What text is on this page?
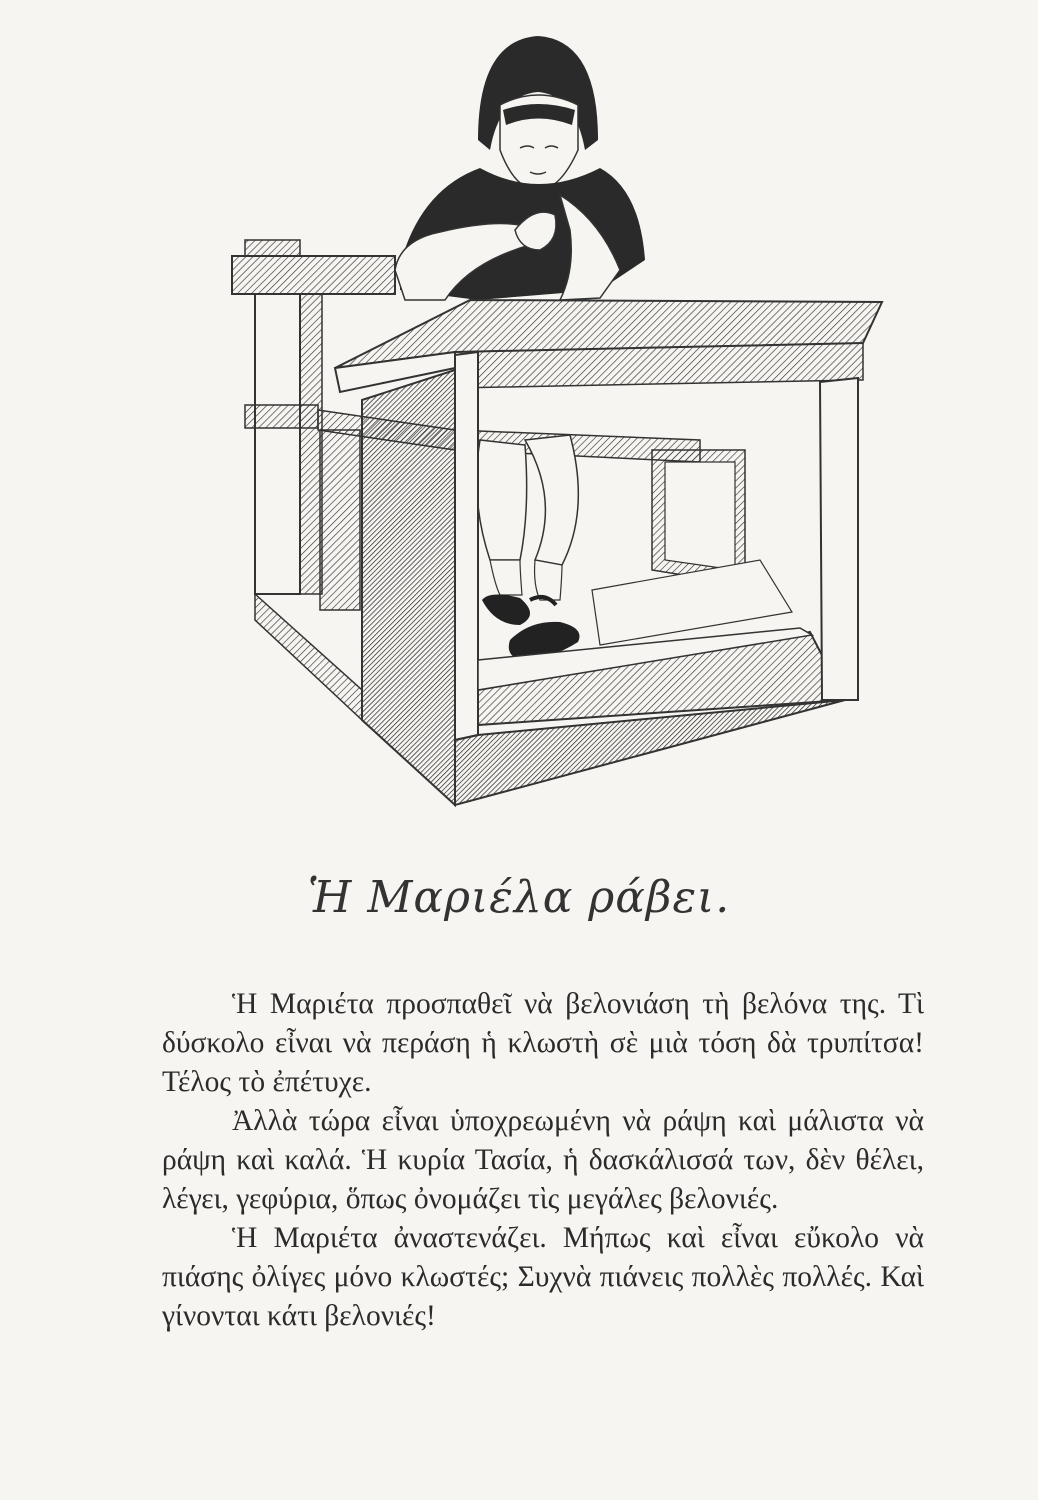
Ἡ Μαριέλα ράβει.

Ἡ Μαριέτα προσπαθεῖ νὰ βελονιάση τὴ βελόνα της. Τὶ δύσκολο εἶναι νὰ περάση ἡ κλωστὴ σὲ μιὰ τόση δὰ τρυπίτσα! Τέλος τὸ ἐπέτυχε.

Ἀλλὰ τώρα εἶναι ὑποχρεωμένη νὰ ράψη καὶ μάλιστα νὰ ράψη καὶ καλά. Ἡ κυρία Τασία, ἡ δασκάλισσά των, δὲν θέλει, λέγει, γεφύρια, ὅπως ὀνομάζει τὶς μεγάλες βελονιές.

Ἡ Μαριέτα ἀναστενάζει. Μήπως καὶ εἶναι εὔκολο νὰ πιάσης ὀλίγες μόνο κλωστές; Συχνὰ πιάνεις πολλὲς πολλές. Καὶ γίνονται κάτι βελονιές!
